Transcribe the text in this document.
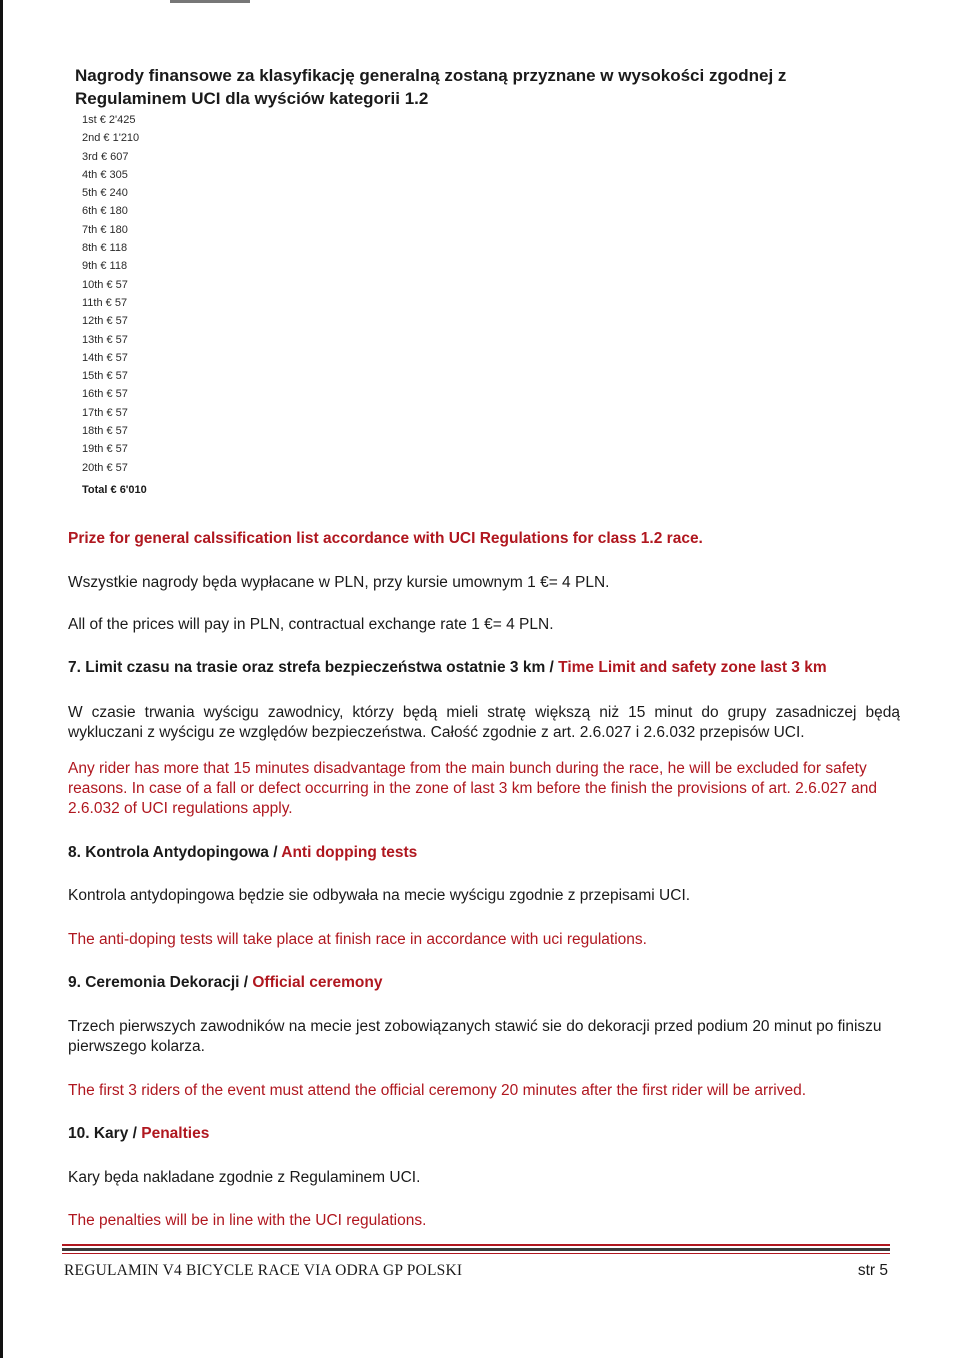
Nagrody finansowe za klasyfikację generalną zostaną przyznane w wysokości zgodnej z Regulaminem UCI dla wyściów kategorii 1.2
1st € 2'425
2nd € 1'210
3rd € 607
4th € 305
5th € 240
6th € 180
7th € 180
8th € 118
9th € 118
10th € 57
11th € 57
12th € 57
13th € 57
14th € 57
15th € 57
16th € 57
17th € 57
18th € 57
19th € 57
20th € 57
Total € 6'010
Prize for general calssification list accordance with UCI Regulations for class 1.2 race.
Wszystkie nagrody będa wypłacane w PLN, przy kursie umownym 1 €= 4 PLN.
All of the prices will pay in PLN, contractual exchange rate 1 €= 4 PLN.
7. Limit czasu na trasie oraz strefa bezpieczeństwa ostatnie 3 km / Time Limit and safety zone last 3 km
W czasie trwania wyścigu zawodnicy, którzy będą mieli stratę większą niż 15 minut do grupy zasadniczej będą wykluczani z wyścigu ze względów bezpieczeństwa. Całość zgodnie z art. 2.6.027 i 2.6.032 przepisów UCI.
Any rider has more that 15 minutes disadvantage from the main bunch during the race, he will be excluded for safety reasons. In case of a fall or defect occurring in the zone of last 3 km before the finish the provisions of art. 2.6.027 and 2.6.032 of UCI regulations apply.
8. Kontrola Antydopingowa / Anti dopping tests
Kontrola antydopingowa będzie sie odbywała na mecie wyścigu zgodnie z przepisami UCI.
The anti-doping tests will take place at finish race in accordance with uci regulations.
9. Ceremonia Dekoracji / Official ceremony
Trzech pierwszych zawodników na mecie jest zobowiązanych stawić sie do dekoracji przed podium 20 minut po finiszu pierwszego kolarza.
The first 3 riders of the event must attend the official ceremony 20 minutes after the first rider will be arrived.
10. Kary / Penalties
Kary będa nakladane zgodnie z Regulaminem UCI.
The penalties will be in line with the UCI regulations.
REGULAMIN V4 BICYCLE RACE VIA ODRA GP POLSKI	str 5
